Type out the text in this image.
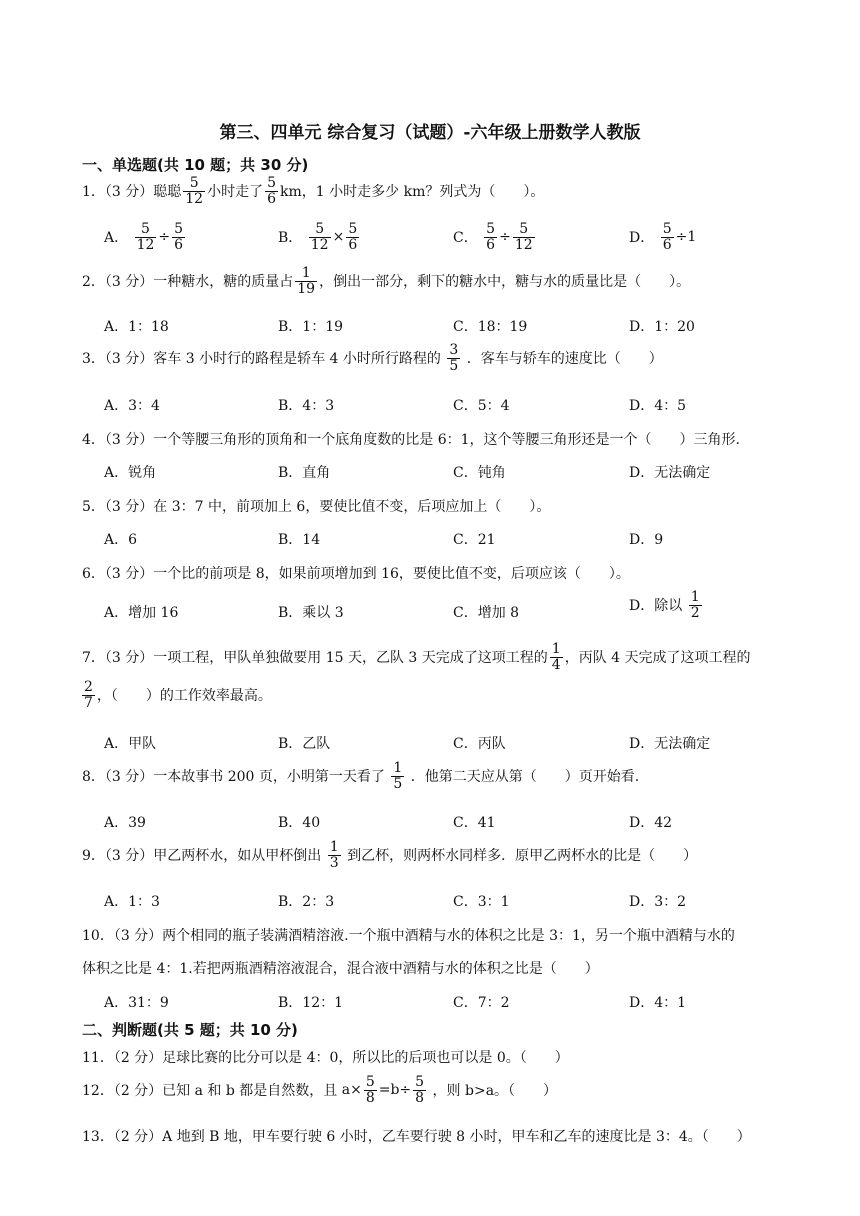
第三、四单元 综合复习（试题）-六年级上册数学人教版
一、单选题(共 10 题；共 30 分)
1．（3 分）聪聪 $\frac{5}{12}$ 小时走了 $\frac{5}{6}$ km，1 小时走多少 km？列式为（　　）。
A． $\frac{5}{12} \div \frac{5}{6}$	B． $\frac{5}{12} \times \frac{5}{6}$	C． $\frac{5}{6} \div \frac{5}{12}$	D． $\frac{5}{6} \div 1$
2．（3 分）一种糖水，糖的质量占 $\frac{1}{19}$ ，倒出一部分，剩下的糖水中，糖与水的质量比是（　　）。
A．1：18	B．1：19	C．18：19	D．1：20
3．（3 分）客车 3 小时行的路程是轿车 4 小时所行路程的 $\frac{3}{5}$ ．客车与轿车的速度比（　　）
A．3：4	B．4：3	C．5：4	D．4：5
4．（3 分）一个等腰三角形的顶角和一个底角度数的比是 6：1，这个等腰三角形还是一个（　　）三角形.
A．锐角	B．直角	C．钝角	D．无法确定
5．（3 分）在 3：7 中，前项加上 6，要使比值不变，后项应加上（　　）。
A．6	B．14	C．21	D．9
6．（3 分）一个比的前项是 8，如果前项增加到 16，要使比值不变，后项应该（　　）。
A．增加 16	B．乘以 3	C．增加 8	D．除以 $\frac{1}{2}$
7．（3 分）一项工程，甲队单独做要用 15 天，乙队 3 天完成了这项工程的 $\frac{1}{4}$ ，丙队 4 天完成了这项工程的
$\frac{2}{7}$ ，（　　）的工作效率最高。
A．甲队	B．乙队	C．丙队	D．无法确定
8．（3 分）一本故事书 200 页，小明第一天看了 $\frac{1}{5}$ ．他第二天应从第（　　）页开始看.
A．39	B．40	C．41	D．42
9．（3 分）甲乙两杯水，如从甲杯倒出 $\frac{1}{3}$ 到乙杯，则两杯水同样多．原甲乙两杯水的比是（　　）
A．1：3	B．2：3	C．3：1	D．3：2
10．（3 分）两个相同的瓶子装满酒精溶液.一个瓶中酒精与水的体积之比是 3：1，另一个瓶中酒精与水的
体积之比是 4：1.若把两瓶酒精溶液混合，混合液中酒精与水的体积之比是（　　）
A．31：9	B．12：1	C．7：2	D．4：1
二、判断题(共 5 题；共 10 分)
11．（2 分）足球比赛的比分可以是 4：0，所以比的后项也可以是 0。（　　）
12．（2 分）已知 a 和 b 都是自然数，且 $a\times \frac{5}{8} =b\div \frac{5}{8}$ ，则 b>a。（　　）
13．（2 分）A 地到 B 地，甲车要行驶 6 小时，乙车要行驶 8 小时，甲车和乙车的速度比是 3：4。（　　）
